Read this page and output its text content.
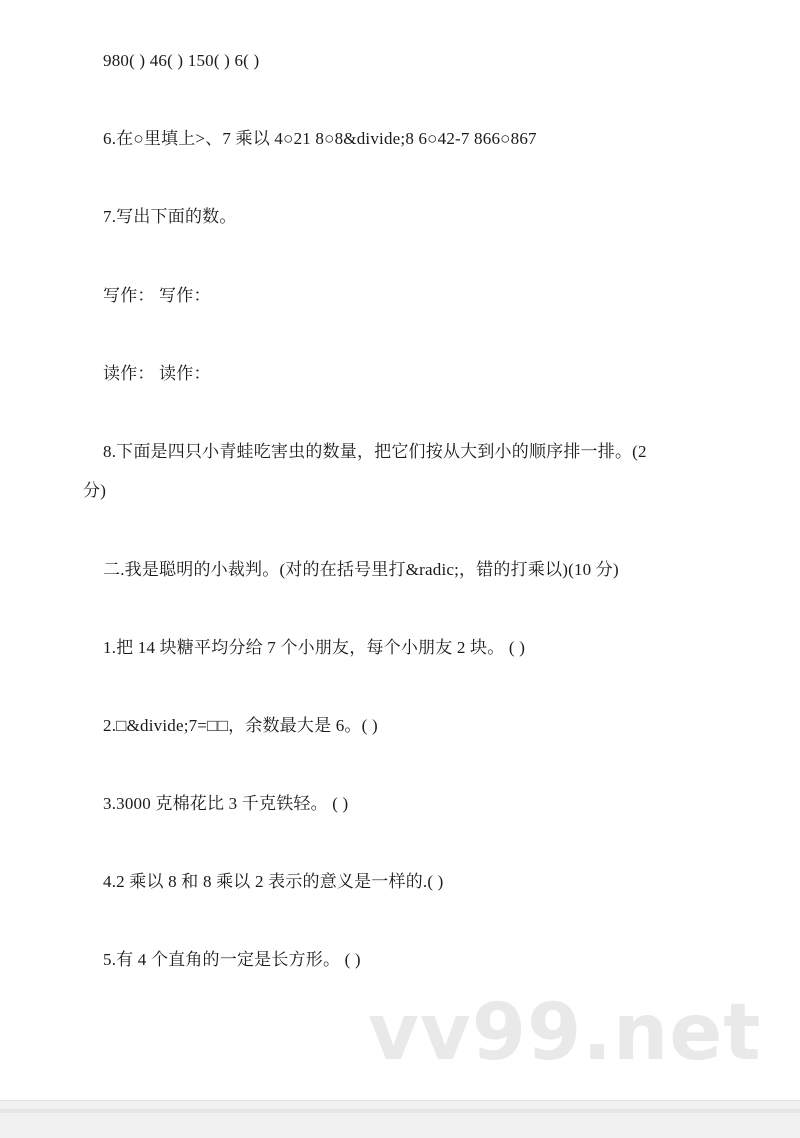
980( ) 46( ) 150( ) 6( )
6.在○里填上>、7 乘以 4○21 8○8&divide;8 6○42-7 866○867
7.写出下面的数。
写作： 写作：
读作： 读作：
8.下面是四只小青蛙吃害虫的数量，把它们按从大到小的顺序排一排。(2
分)
二.我是聪明的小裁判。(对的在括号里打&radic;，错的打乘以)(10 分)
1.把 14 块糖平均分给 7 个小朋友，每个小朋友 2 块。 ( )
2.□&divide;7=□□，余数最大是 6。( )
3.3000 克棉花比 3 千克铁轻。 ( )
4.2 乘以 8 和 8 乘以 2 表示的意义是一样的.( )
5.有 4 个直角的一定是长方形。 ( )
vv99.net
